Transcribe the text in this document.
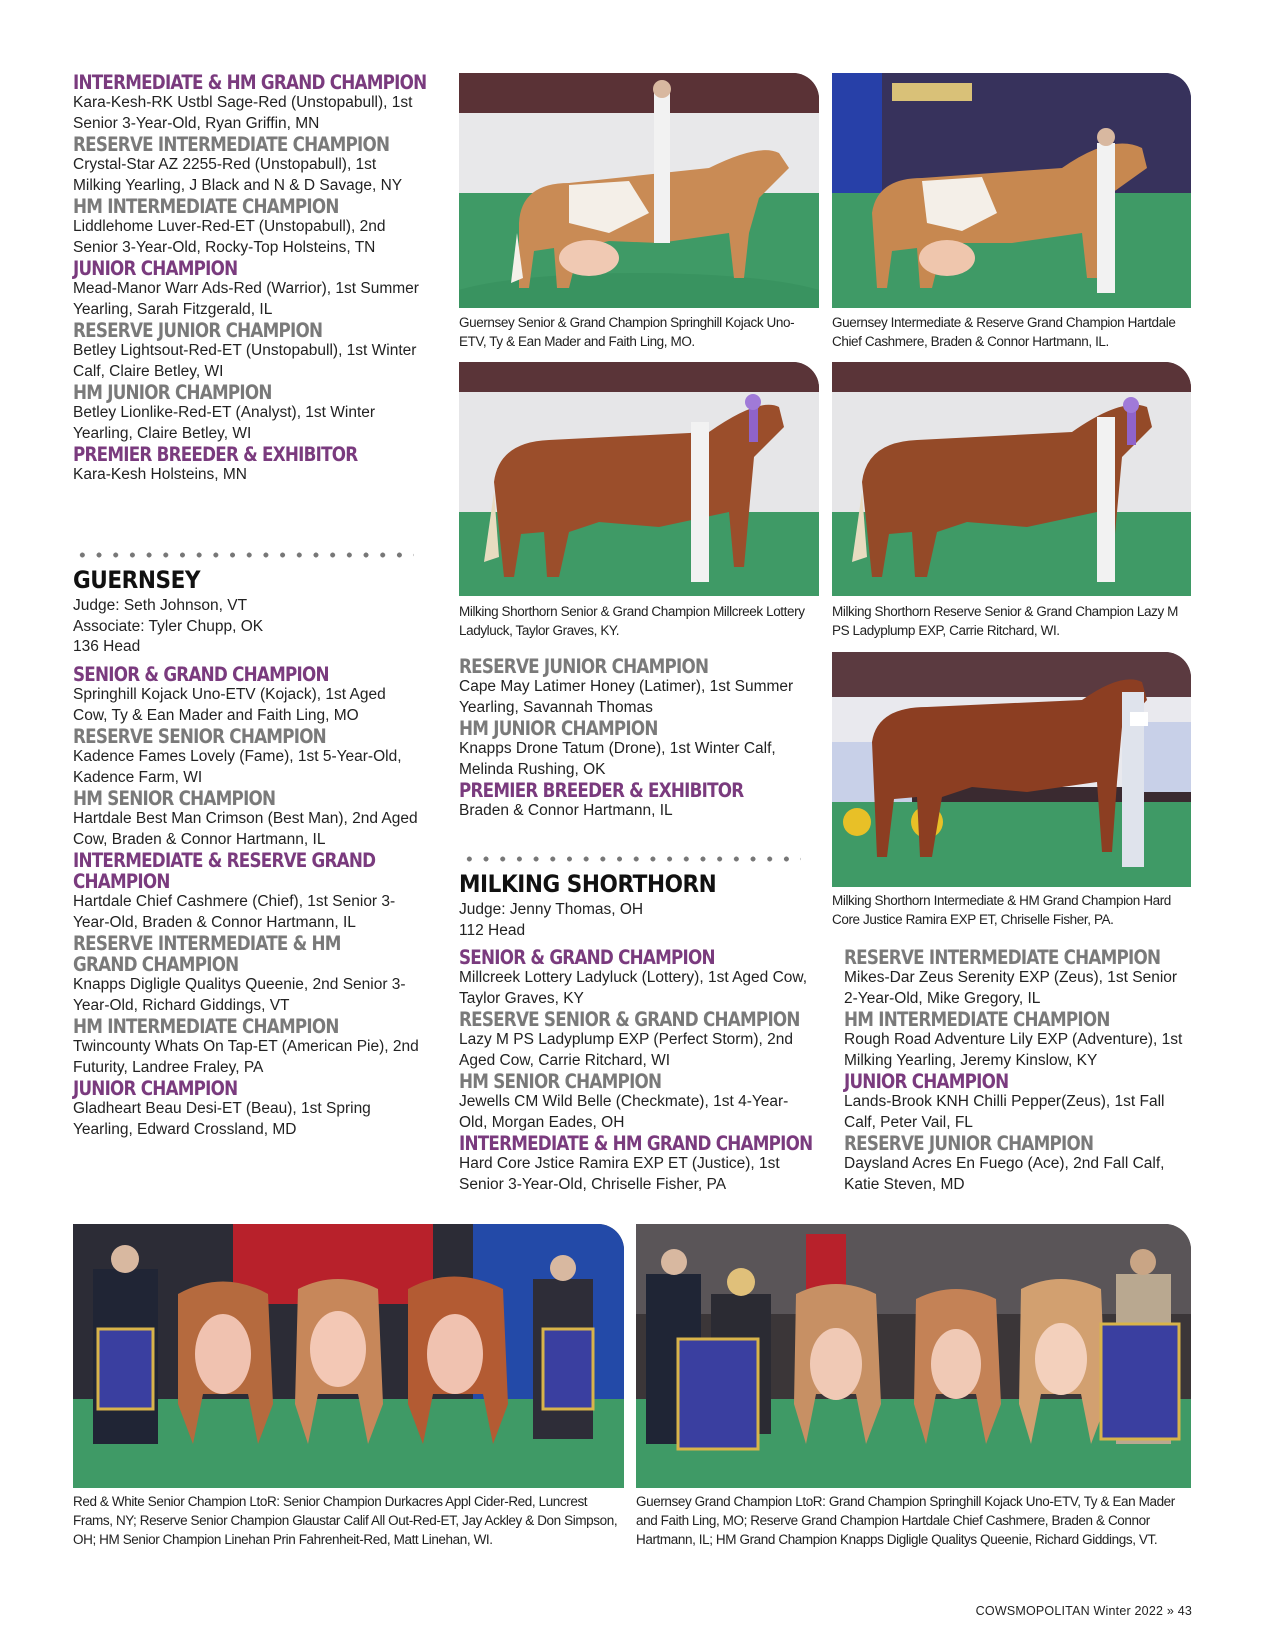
INTERMEDIATE & HM GRAND CHAMPION
Kara-Kesh-RK Ustbl Sage-Red (Unstopabull), 1st Senior 3-Year-Old, Ryan Griffin, MN
RESERVE INTERMEDIATE CHAMPION
Crystal-Star AZ 2255-Red (Unstopabull), 1st Milking Yearling, J Black and N & D Savage, NY
HM INTERMEDIATE CHAMPION
Liddlehome Luver-Red-ET (Unstopabull), 2nd Senior 3-Year-Old, Rocky-Top Holsteins, TN
JUNIOR CHAMPION
Mead-Manor Warr Ads-Red (Warrior), 1st Summer Yearling, Sarah Fitzgerald, IL
RESERVE JUNIOR CHAMPION
Betley Lightsout-Red-ET (Unstopabull), 1st Winter Calf, Claire Betley, WI
HM JUNIOR CHAMPION
Betley Lionlike-Red-ET (Analyst), 1st Winter Yearling, Claire Betley, WI
PREMIER BREEDER & EXHIBITOR
Kara-Kesh Holsteins, MN
GUERNSEY
Judge: Seth Johnson, VT
Associate: Tyler Chupp, OK
136 Head
SENIOR & GRAND CHAMPION
Springhill Kojack Uno-ETV (Kojack), 1st Aged Cow, Ty & Ean Mader and Faith Ling, MO
RESERVE SENIOR CHAMPION
Kadence Fames Lovely (Fame), 1st 5-Year-Old, Kadence Farm, WI
HM SENIOR CHAMPION
Hartdale Best Man Crimson (Best Man), 2nd Aged Cow, Braden & Connor Hartmann, IL
INTERMEDIATE & RESERVE GRAND CHAMPION
Hartdale Chief Cashmere (Chief), 1st Senior 3-Year-Old, Braden & Connor Hartmann, IL
RESERVE INTERMEDIATE & HM GRAND CHAMPION
Knapps Digligle Qualitys Queenie, 2nd Senior 3-Year-Old, Richard Giddings, VT
HM INTERMEDIATE CHAMPION
Twincounty Whats On Tap-ET (American Pie), 2nd Futurity, Landree Fraley, PA
JUNIOR CHAMPION
Gladheart Beau Desi-ET (Beau), 1st Spring Yearling, Edward Crossland, MD
RESERVE JUNIOR CHAMPION
Cape May Latimer Honey (Latimer), 1st Summer Yearling, Savannah Thomas
HM JUNIOR CHAMPION
Knapps Drone Tatum (Drone), 1st Winter Calf, Melinda Rushing, OK
PREMIER BREEDER & EXHIBITOR
Braden & Connor Hartmann, IL
MILKING SHORTHORN
Judge: Jenny Thomas, OH
112 Head
SENIOR & GRAND CHAMPION
Millcreek Lottery Ladyluck (Lottery), 1st Aged Cow, Taylor Graves, KY
RESERVE SENIOR & GRAND CHAMPION
Lazy M PS Ladyplump EXP (Perfect Storm), 2nd Aged Cow, Carrie Ritchard, WI
HM SENIOR CHAMPION
Jewells CM Wild Belle (Checkmate), 1st 4-Year-Old, Morgan Eades, OH
INTERMEDIATE & HM GRAND CHAMPION
Hard Core Jstice Ramira EXP ET (Justice), 1st Senior 3-Year-Old, Chriselle Fisher, PA
RESERVE INTERMEDIATE CHAMPION
Mikes-Dar Zeus Serenity EXP (Zeus), 1st Senior 2-Year-Old, Mike Gregory, IL
HM INTERMEDIATE CHAMPION
Rough Road Adventure Lily EXP (Adventure), 1st Milking Yearling, Jeremy Kinslow, KY
JUNIOR CHAMPION
Lands-Brook KNH Chilli Pepper(Zeus), 1st Fall Calf, Peter Vail, FL
RESERVE JUNIOR CHAMPION
Daysland Acres En Fuego (Ace), 2nd Fall Calf, Katie Steven, MD
Guernsey Senior & Grand Champion Springhill Kojack Uno-ETV, Ty & Ean Mader and Faith Ling, MO.
Guernsey Intermediate & Reserve Grand Champion Hartdale Chief Cashmere, Braden & Connor Hartmann, IL.
Milking Shorthorn Senior & Grand Champion Millcreek Lottery Ladyluck, Taylor Graves, KY.
Milking Shorthorn Reserve Senior & Grand Champion Lazy M PS Ladyplump EXP, Carrie Ritchard, WI.
Milking Shorthorn Intermediate & HM Grand Champion Hard Core Justice Ramira EXP ET, Chriselle Fisher, PA.
Red & White Senior Champion LtoR: Senior Champion Durkacres Appl Cider-Red, Luncrest Frams, NY; Reserve Senior Champion Glaustar Calif All Out-Red-ET, Jay Ackley & Don Simpson, OH; HM Senior Champion Linehan Prin Fahrenheit-Red, Matt Linehan, WI.
Guernsey Grand Champion LtoR: Grand Champion Springhill Kojack Uno-ETV, Ty & Ean Mader and Faith Ling, MO; Reserve Grand Champion Hartdale Chief Cashmere, Braden & Connor Hartmann, IL; HM Grand Champion Knapps Digligle Qualitys Queenie, Richard Giddings, VT.
COWSMOPOLITAN Winter 2022 » 43
